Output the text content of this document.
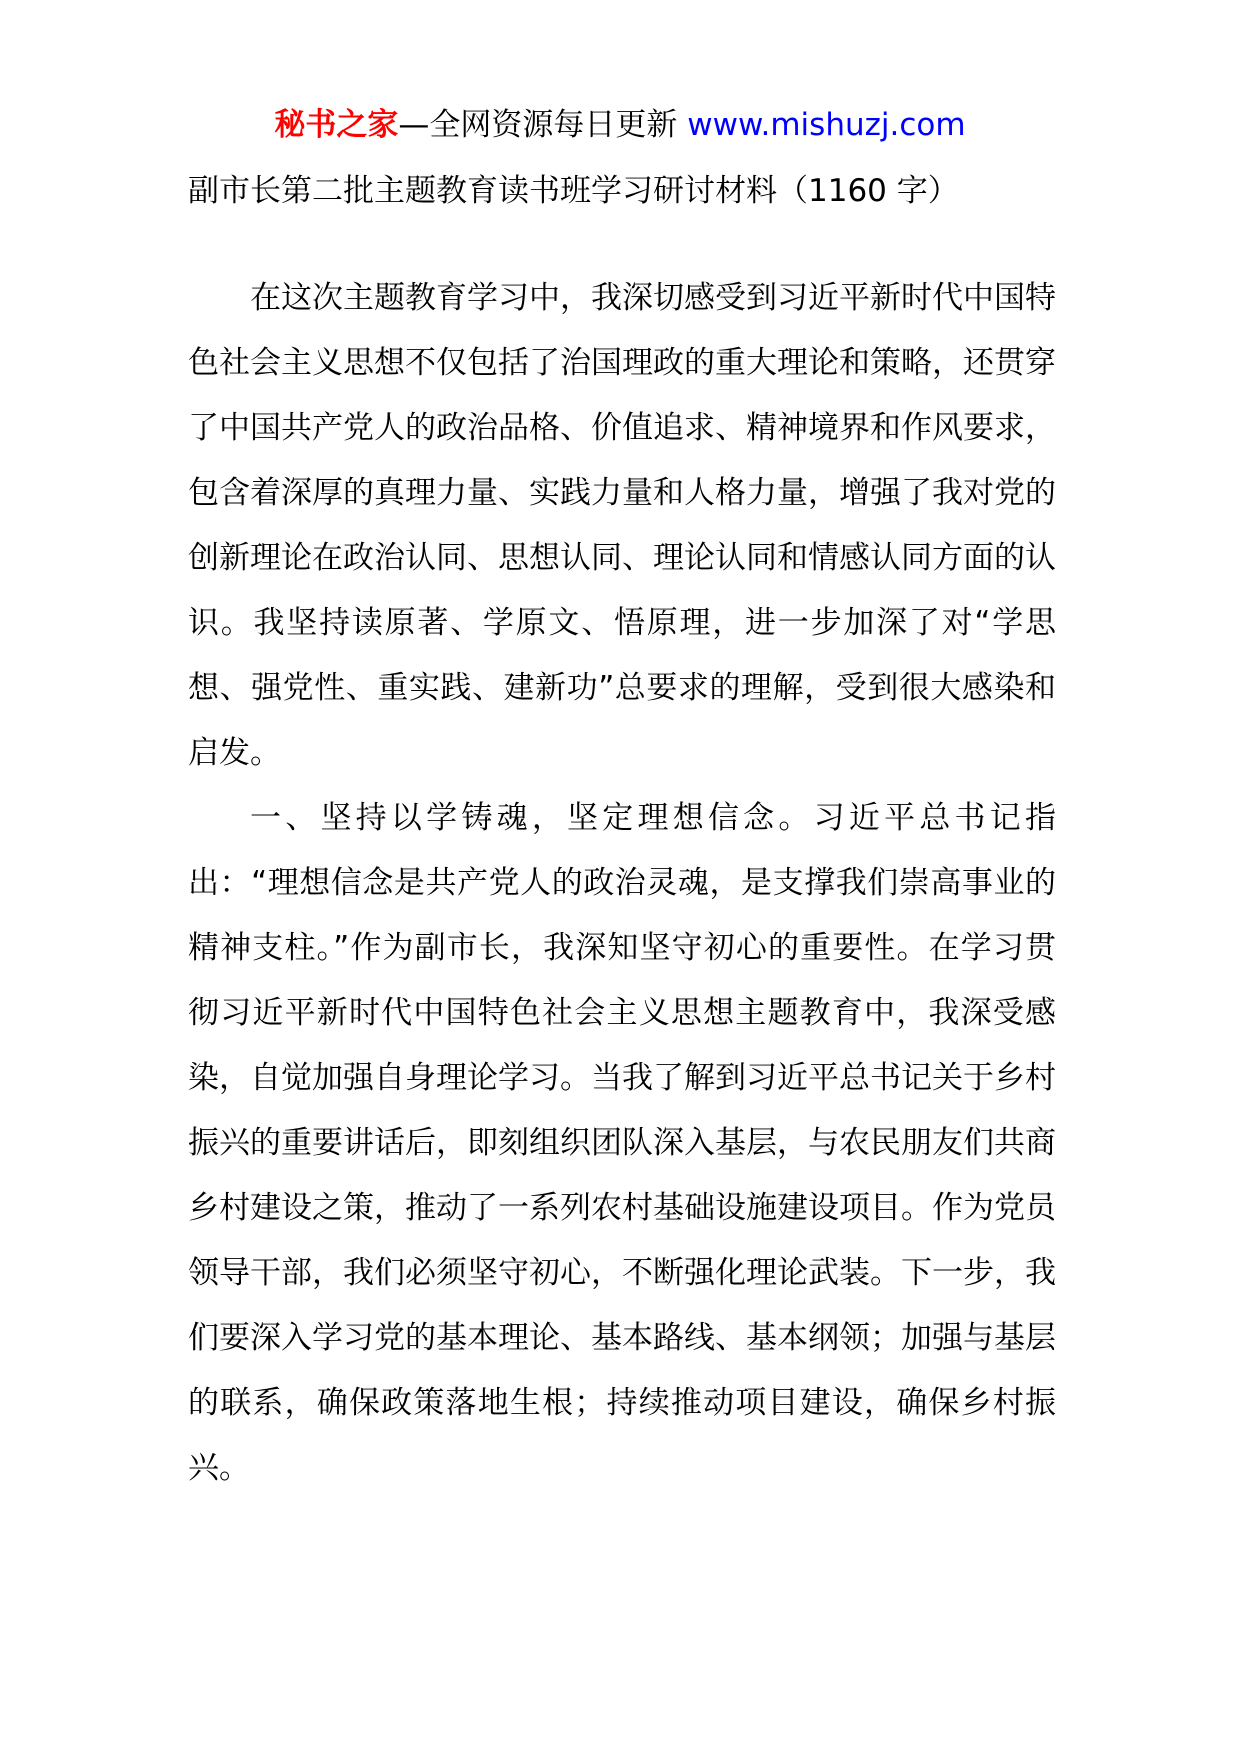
秘书之家—全网资源每日更新 www.mishuzj.com
副市长第二批主题教育读书班学习研讨材料（1160 字）

在这次主题教育学习中，我深切感受到习近平新时代中国特色社会主义思想不仅包括了治国理政的重大理论和策略，还贯穿了中国共产党人的政治品格、价值追求、精神境界和作风要求，包含着深厚的真理力量、实践力量和人格力量，增强了我对党的创新理论在政治认同、思想认同、理论认同和情感认同方面的认识。我坚持读原著、学原文、悟原理，进一步加深了对“学思想、强党性、重实践、建新功”总要求的理解，受到很大感染和启发。

一、坚持以学铸魂，坚定理想信念。习近平总书记指出：“理想信念是共产党人的政治灵魂，是支撑我们崇高事业的精神支柱。”作为副市长，我深知坚守初心的重要性。在学习贯彻习近平新时代中国特色社会主义思想主题教育中，我深受感染，自觉加强自身理论学习。当我了解到习近平总书记关于乡村振兴的重要讲话后，即刻组织团队深入基层，与农民朋友们共商乡村建设之策，推动了一系列农村基础设施建设项目。作为党员领导干部，我们必须坚守初心，不断强化理论武装。下一步，我们要深入学习党的基本理论、基本路线、基本纲领；加强与基层的联系，确保政策落地生根；持续推动项目建设，确保乡村振兴。
